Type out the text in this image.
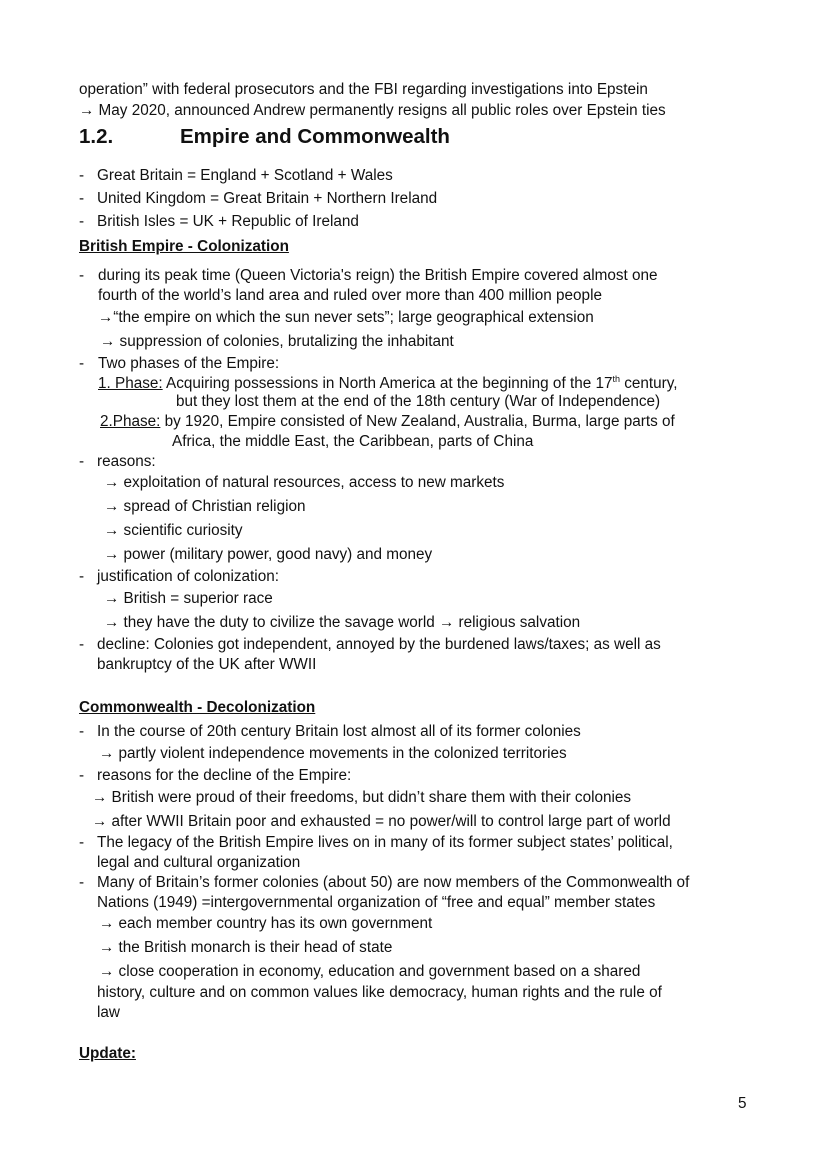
operation” with federal prosecutors and the FBI regarding investigations into Epstein
→ May 2020, announced Andrew permanently resigns all public roles over Epstein ties
1.2.	Empire and Commonwealth
- Great Britain = England + Scotland + Wales
- United Kingdom = Great Britain + Northern Ireland
- British Isles = UK + Republic of Ireland
British Empire - Colonization
- during its peak time (Queen Victoria's reign) the British Empire covered almost one
fourth of the world’s land area and ruled over more than 400 million people
→“the empire on which the sun never sets”; large geographical extension
→ suppression of colonies, brutalizing the inhabitant
- Two phases of the Empire:
1. Phase: Acquiring possessions in North America at the beginning of the 17th century,
but they lost them at the end of the 18th century (War of Independence)
2.Phase: by 1920, Empire consisted of New Zealand, Australia, Burma, large parts of
Africa, the middle East, the Caribbean, parts of China
- reasons:
→ exploitation of natural resources, access to new markets
→ spread of Christian religion
→ scientific curiosity
→ power (military power, good navy) and money
- justification of colonization:
→ British = superior race
→ they have the duty to civilize the savage world → religious salvation
- decline: Colonies got independent, annoyed by the burdened laws/taxes; as well as
bankruptcy of the UK after WWII
Commonwealth - Decolonization
- In the course of 20th century Britain lost almost all of its former colonies
→ partly violent independence movements in the colonized territories
- reasons for the decline of the Empire:
→ British were proud of their freedoms, but didn’t share them with their colonies
→ after WWII Britain poor and exhausted = no power/will to control large part of world
- The legacy of the British Empire lives on in many of its former subject states’ political,
legal and cultural organization
- Many of Britain’s former colonies (about 50) are now members of the Commonwealth of
Nations (1949) =intergovernmental organization of “free and equal” member states
→ each member country has its own government
→ the British monarch is their head of state
→ close cooperation in economy, education and government based on a shared
history, culture and on common values like democracy, human rights and the rule of
law
Update:
5
